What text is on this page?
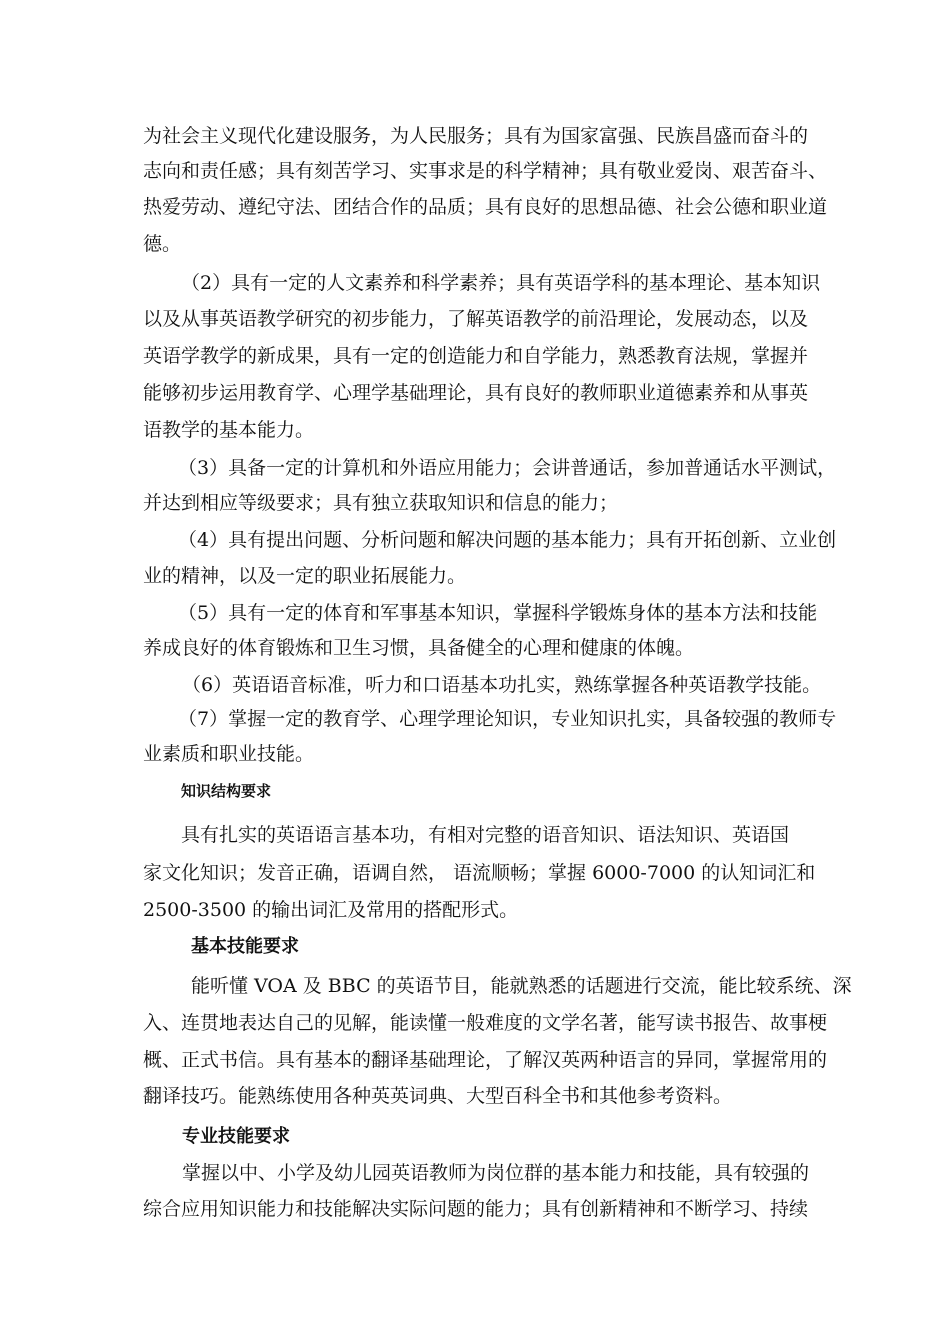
为社会主义现代化建设服务，为人民服务；具有为国家富强、民族昌盛而奋斗的
志向和责任感；具有刻苦学习、实事求是的科学精神；具有敬业爱岗、艰苦奋斗、
热爱劳动、遵纪守法、团结合作的品质；具有良好的思想品德、社会公德和职业道
德。
（2）具有一定的人文素养和科学素养；具有英语学科的基本理论、基本知识
以及从事英语教学研究的初步能力，了解英语教学的前沿理论，发展动态，以及
英语学教学的新成果，具有一定的创造能力和自学能力，熟悉教育法规，掌握并
能够初步运用教育学、心理学基础理论，具有良好的教师职业道德素养和从事英
语教学的基本能力。
（3）具备一定的计算机和外语应用能力；会讲普通话，参加普通话水平测试，
并达到相应等级要求；具有独立获取知识和信息的能力；
（4）具有提出问题、分析问题和解决问题的基本能力；具有开拓创新、立业创
业的精神，以及一定的职业拓展能力。
（5）具有一定的体育和军事基本知识，掌握科学锻炼身体的基本方法和技能
养成良好的体育锻炼和卫生习惯，具备健全的心理和健康的体魄。
（6）英语语音标准，听力和口语基本功扎实，熟练掌握各种英语教学技能。
（7）掌握一定的教育学、心理学理论知识，专业知识扎实，具备较强的教师专
业素质和职业技能。
知识结构要求
具有扎实的英语语言基本功，有相对完整的语音知识、语法知识、英语国
家文化知识；发音正确，语调自然， 语流顺畅；掌握 6000-7000 的认知词汇和
2500-3500 的输出词汇及常用的搭配形式。
基本技能要求
能听懂 VOA 及 BBC 的英语节目，能就熟悉的话题进行交流，能比较系统、深
入、连贯地表达自己的见解，能读懂一般难度的文学名著，能写读书报告、故事梗
概、正式书信。具有基本的翻译基础理论，了解汉英两种语言的异同，掌握常用的
翻译技巧。能熟练使用各种英英词典、大型百科全书和其他参考资料。
专业技能要求
掌握以中、小学及幼儿园英语教师为岗位群的基本能力和技能，具有较强的
综合应用知识能力和技能解决实际问题的能力；具有创新精神和不断学习、持续
